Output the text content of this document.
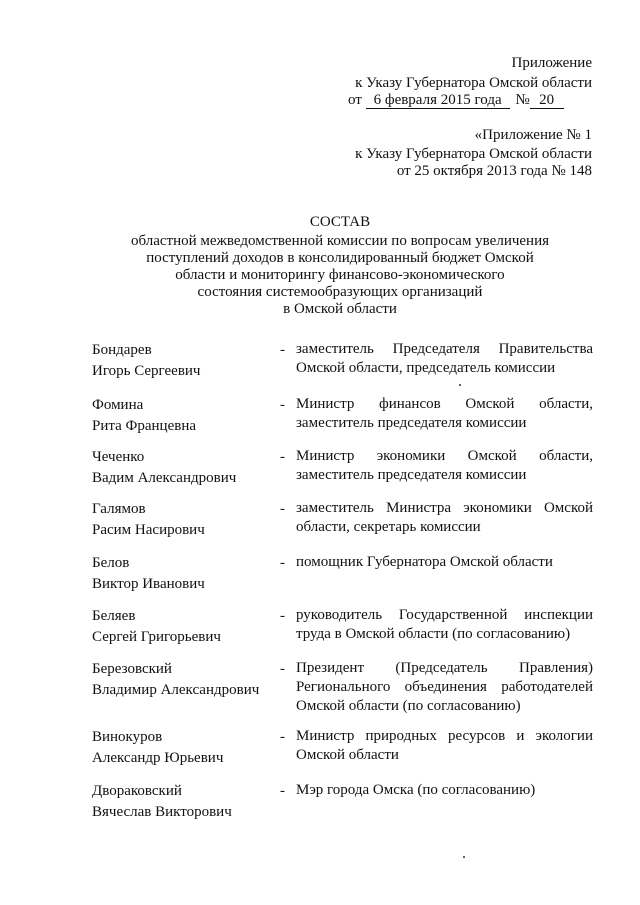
Приложение
к Указу Губернатора Омской области
от 6 февраля 2015 года № 20
«Приложение № 1
к Указу Губернатора Омской области
от 25 октября 2013 года № 148
СОСТАВ
областной межведомственной комиссии по вопросам увеличения
поступлений доходов в консолидированный бюджет Омской
области и мониторингу финансово-экономического
состояния системообразующих организаций
в Омской области
Бондарев
Игорь Сергеевич
- заместитель Председателя Правительства
Омской области, председатель комиссии
Фомина
Рита Францевна
- Министр финансов Омской области,
заместитель председателя комиссии
Чеченко
Вадим Александрович
- Министр экономики Омской области,
заместитель председателя комиссии
Галямов
Расим Насирович
- заместитель Министра экономики Омской
области, секретарь комиссии
Белов
Виктор Иванович
- помощник Губернатора Омской области
Беляев
Сергей Григорьевич
- руководитель Государственной инспекции
труда в Омской области (по согласованию)
Березовский
Владимир Александрович
- Президент (Председатель Правления)
Регионального объединения работодателей
Омской области (по согласованию)
Винокуров
Александр Юрьевич
- Министр природных ресурсов и экологии
Омской области
Двораковский
Вячеслав Викторович
- Мэр города Омска (по согласованию)
